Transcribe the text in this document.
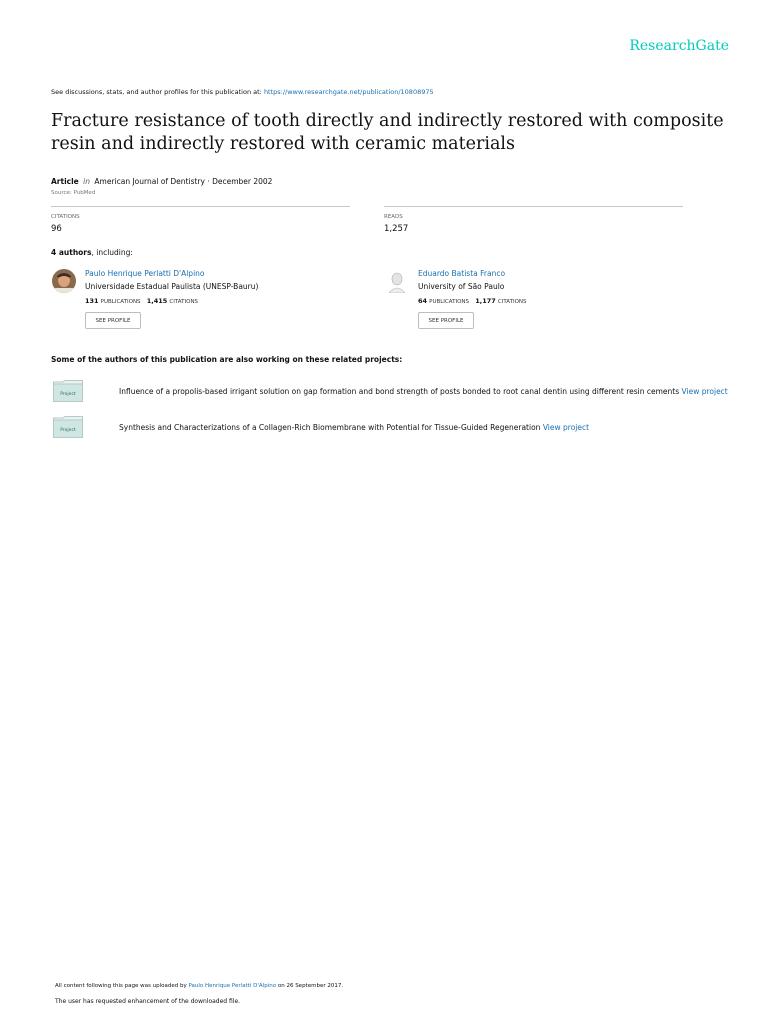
ResearchGate
See discussions, stats, and author profiles for this publication at: https://www.researchgate.net/publication/10808975
Fracture resistance of tooth directly and indirectly restored with composite resin and indirectly restored with ceramic materials
Article in American Journal of Dentistry · December 2002
Source: PubMed
CITATIONS
96
READS
1,257
4 authors, including:
Paulo Henrique Perlatti D'Alpino
Universidade Estadual Paulista (UNESP-Bauru)
131 PUBLICATIONS 1,415 CITATIONS
SEE PROFILE
Eduardo Batista Franco
University of São Paulo
64 PUBLICATIONS 1,177 CITATIONS
SEE PROFILE
Some of the authors of this publication are also working on these related projects:
Project	Influence of a propolis-based irrigant solution on gap formation and bond strength of posts bonded to root canal dentin using different resin cements View project
Project	Synthesis and Characterizations of a Collagen-Rich Biomembrane with Potential for Tissue-Guided Regeneration View project
All content following this page was uploaded by Paulo Henrique Perlatti D'Alpino on 26 September 2017.
The user has requested enhancement of the downloaded file.
